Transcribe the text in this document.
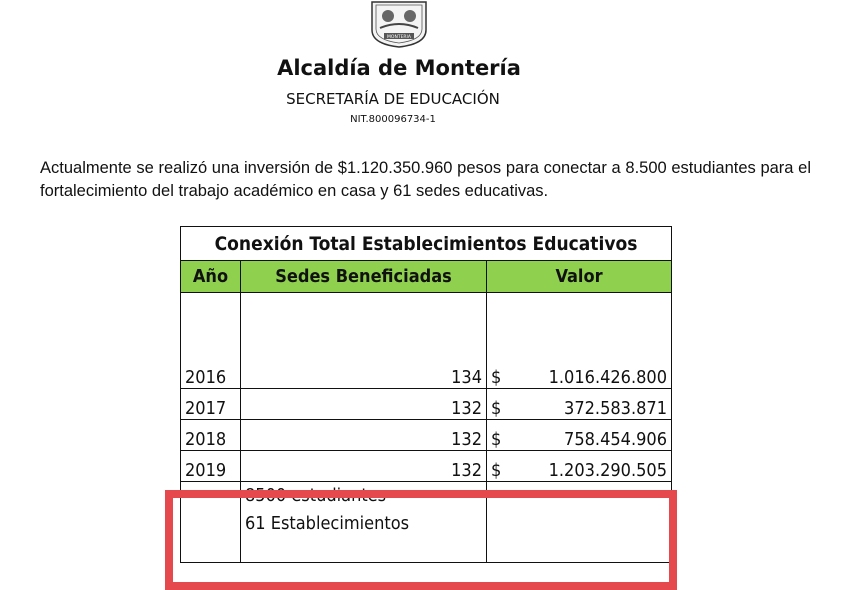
MONTERIA
Alcaldía de Montería
SECRETARÍA DE EDUCACIÓN
NIT.800096734-1

Actualmente se realizó una inversión de $1.120.350.960 pesos para conectar a 8.500 estudiantes para el fortalecimiento del trabajo académico en casa y 61 sedes educativas.

Conexión Total Establecimientos Educativos		
Año	Sedes Beneficiadas	Valor
2016	134	$ 1.016.426.800

2017	132	$ 372.583.871

2018	132	$ 758.454.906

2019	132	$ 1.203.290.505

	8500 estudiantes
61 Establecimientos	
